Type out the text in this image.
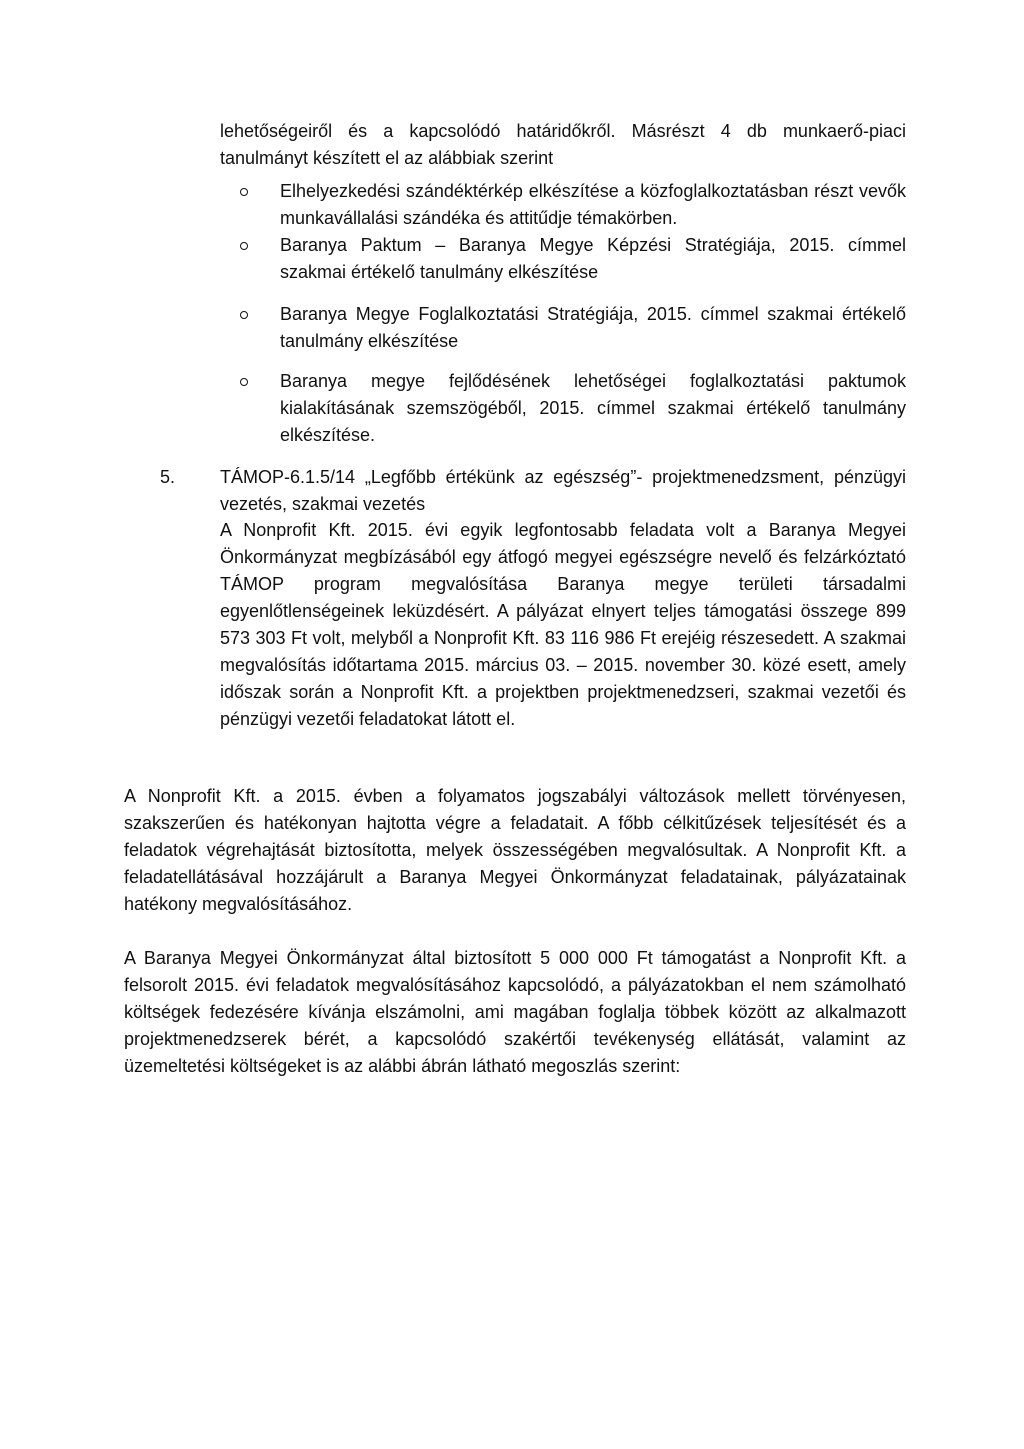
lehetőségeiről és a kapcsolódó határidőkről. Másrészt 4 db munkaerő-piaci tanulmányt készített el az alábbiak szerint
Elhelyezkedési szándéktérkép elkészítése a közfoglalkoztatásban részt vevők munkavállalási szándéka és attitűdje témakörben.
Baranya Paktum – Baranya Megye Képzési Stratégiája, 2015. címmel szakmai értékelő tanulmány elkészítése
Baranya Megye Foglalkoztatási Stratégiája, 2015. címmel szakmai értékelő tanulmány elkészítése
Baranya megye fejlődésének lehetőségei foglalkoztatási paktumok kialakításának szemszögéből, 2015. címmel szakmai értékelő tanulmány elkészítése.
5. TÁMOP-6.1.5/14 „Legfőbb értékünk az egészség”- projektmenedzsment, pénzügyi vezetés, szakmai vezetés
A Nonprofit Kft. 2015. évi egyik legfontosabb feladata volt a Baranya Megyei Önkormányzat megbízásából egy átfogó megyei egészségre nevelő és felzárkóztató TÁMOP program megvalósítása Baranya megye területi társadalmi egyenlőtlenségeinek leküzdésért. A pályázat elnyert teljes támogatási összege 899 573 303 Ft volt, melyből a Nonprofit Kft. 83 116 986 Ft erejéig részesedett. A szakmai megvalósítás időtartama 2015. március 03. – 2015. november 30. közé esett, amely időszak során a Nonprofit Kft. a projektben projektmenedzseri, szakmai vezetői és pénzügyi vezetői feladatokat látott el.
A Nonprofit Kft. a 2015. évben a folyamatos jogszabályi változások mellett törvényesen, szakszerűen és hatékonyan hajtotta végre a feladatait. A főbb célkitűzések teljesítését és a feladatok végrehajtását biztosította, melyek összességében megvalósultak. A Nonprofit Kft. a feladatellátásával hozzájárult a Baranya Megyei Önkormányzat feladatainak, pályázatainak hatékony megvalósításához.
A Baranya Megyei Önkormányzat által biztosított 5 000 000 Ft támogatást a Nonprofit Kft. a felsorolt 2015. évi feladatok megvalósításához kapcsolódó, a pályázatokban el nem számolható költségek fedezésére kívánja elszámolni, ami magában foglalja többek között az alkalmazott projektmenedzserek bérét, a kapcsolódó szakértői tevékenység ellátását, valamint az üzemeltetési költségeket is az alábbi ábrán látható megoszlás szerint:
